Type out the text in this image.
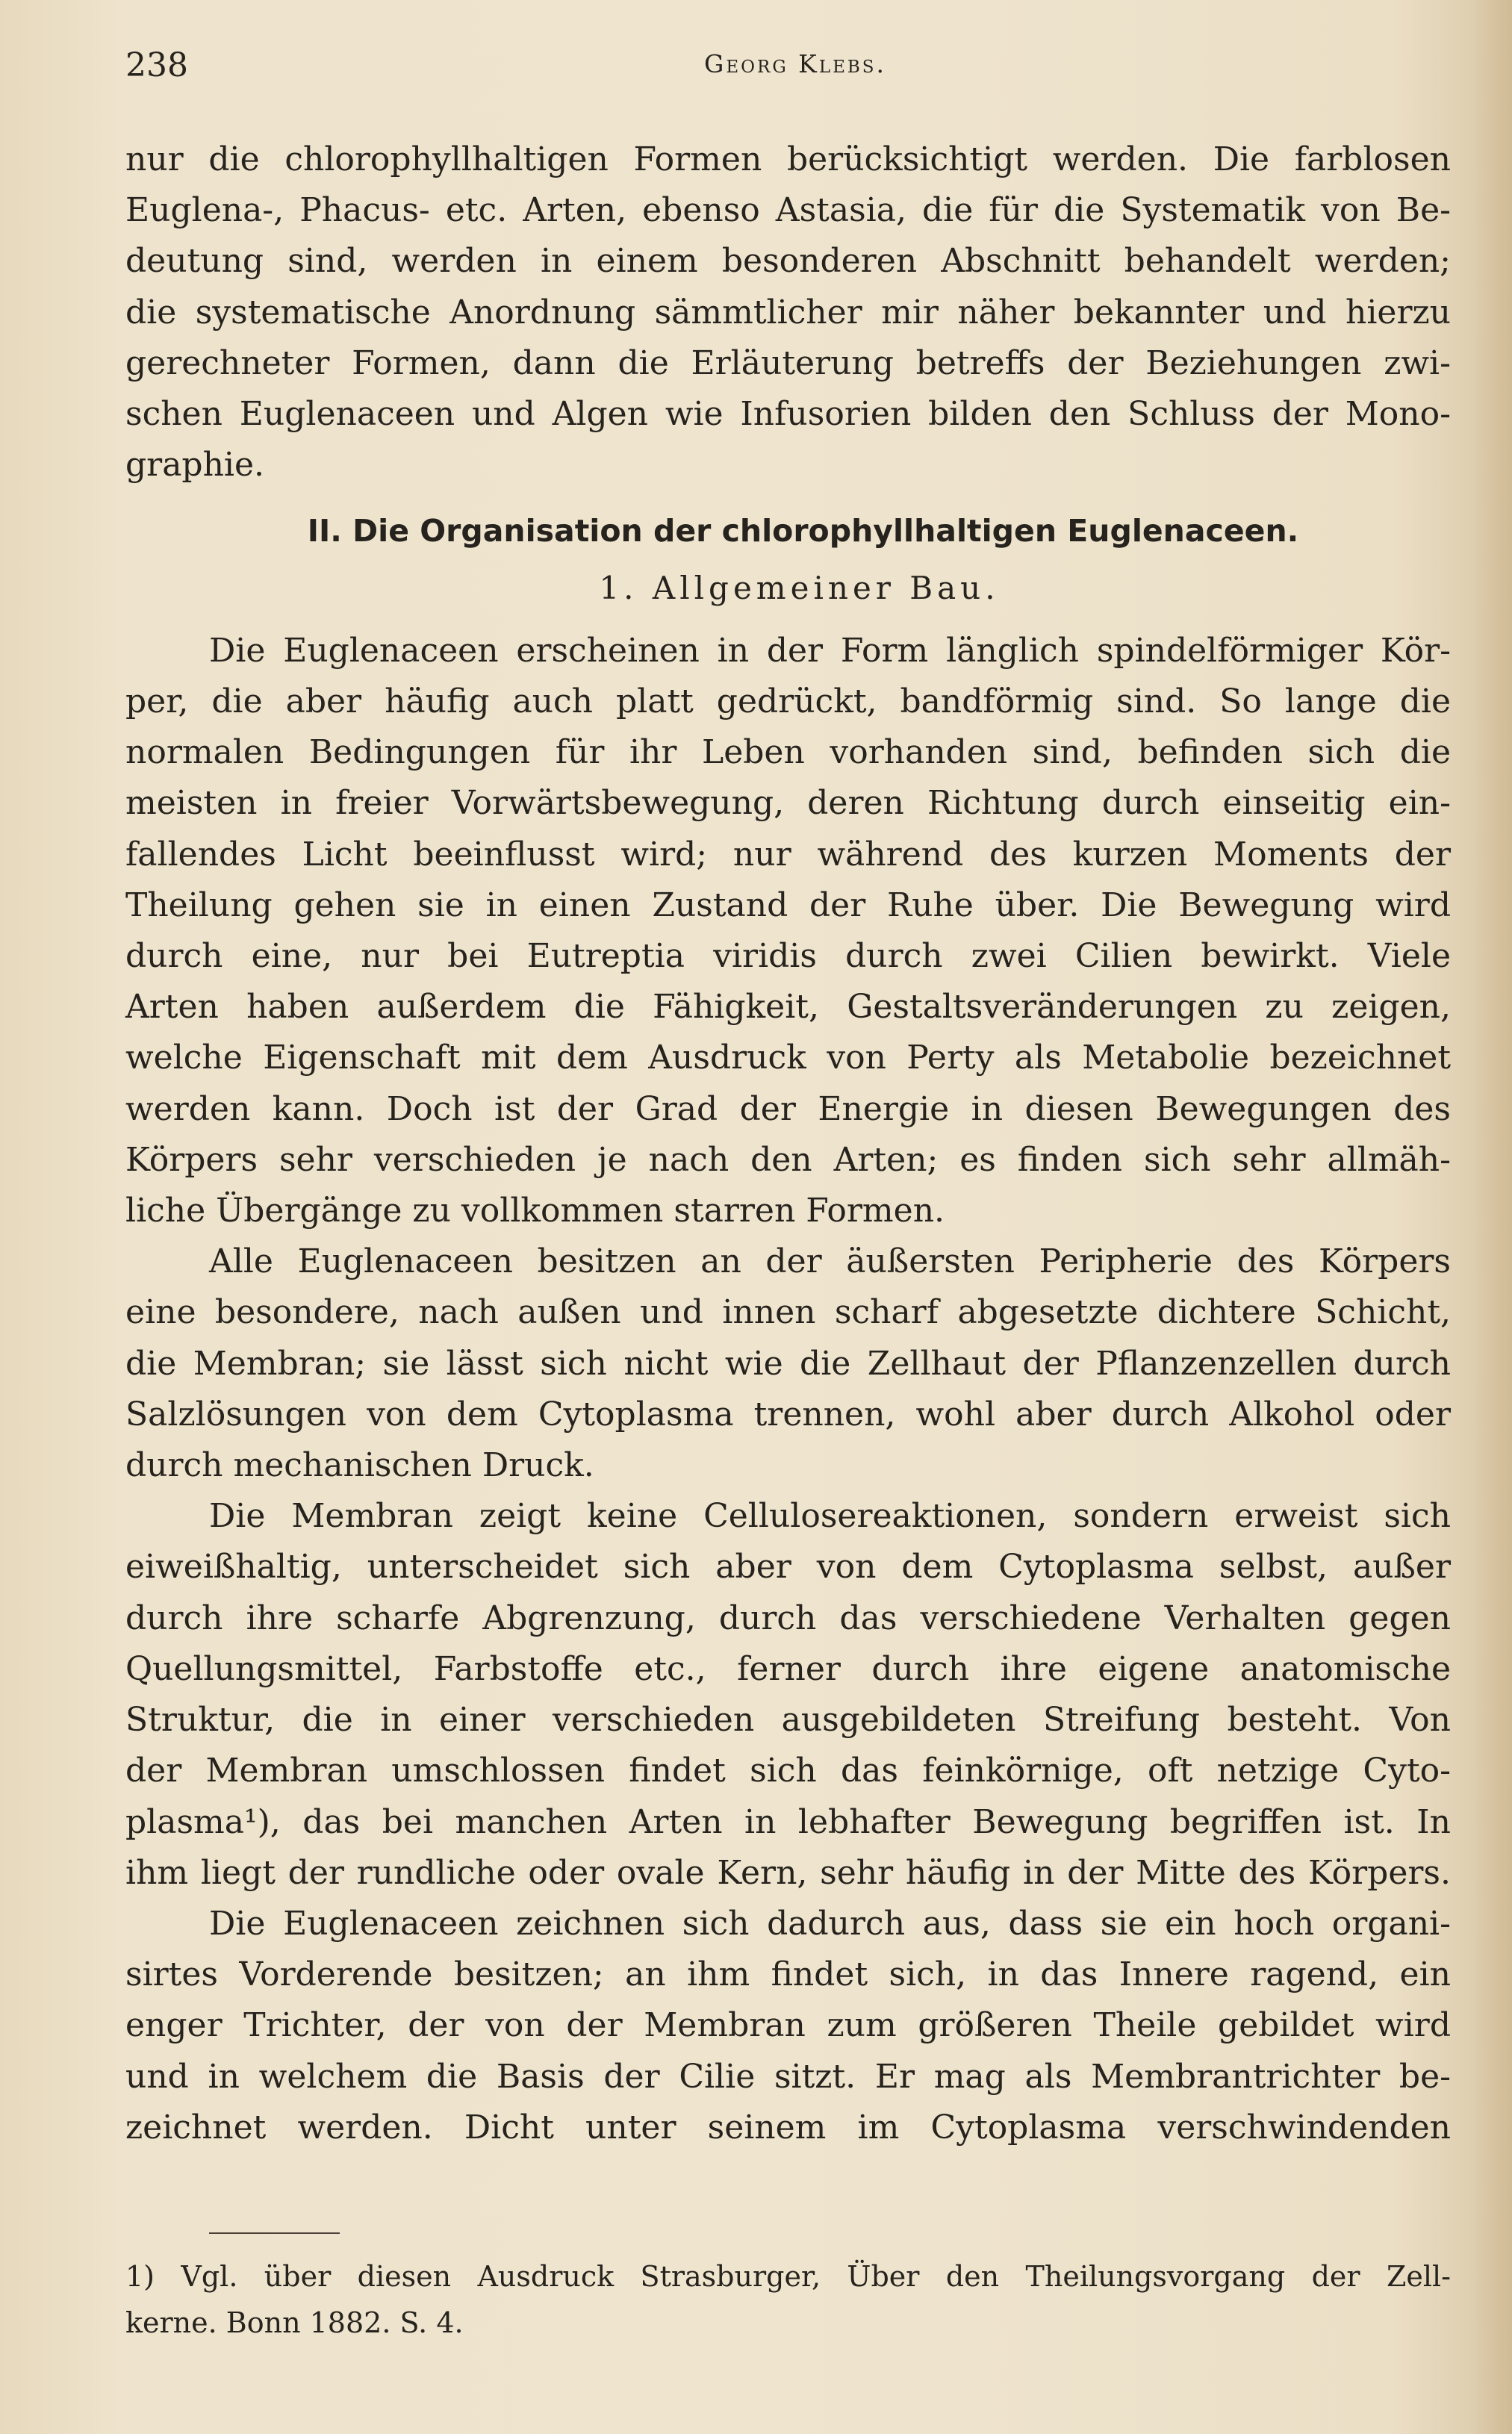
238	Georg Klebs.
nur die chlorophyllhaltigen Formen berücksichtigt werden. Die farblosen
Euglena-, Phacus- etc. Arten, ebenso Astasia, die für die Systematik von Be-
deutung sind, werden in einem besonderen Abschnitt behandelt werden;
die systematische Anordnung sämmtlicher mir näher bekannter und hierzu
gerechneter Formen, dann die Erläuterung betreffs der Beziehungen zwi-
schen Euglenaceen und Algen wie Infusorien bilden den Schluss der Mono-
graphie.
II. Die Organisation der chlorophyllhaltigen Euglenaceen.
1. Allgemeiner Bau.
Die Euglenaceen erscheinen in der Form länglich spindelförmiger Kör-
per, die aber häufig auch platt gedrückt, bandförmig sind. So lange die
normalen Bedingungen für ihr Leben vorhanden sind, befinden sich die
meisten in freier Vorwärtsbewegung, deren Richtung durch einseitig ein-
fallendes Licht beeinflusst wird; nur während des kurzen Moments der
Theilung gehen sie in einen Zustand der Ruhe über. Die Bewegung wird
durch eine, nur bei Eutreptia viridis durch zwei Cilien bewirkt. Viele
Arten haben außerdem die Fähigkeit, Gestaltsveränderungen zu zeigen,
welche Eigenschaft mit dem Ausdruck von Perty als Metabolie bezeichnet
werden kann. Doch ist der Grad der Energie in diesen Bewegungen des
Körpers sehr verschieden je nach den Arten; es finden sich sehr allmäh-
liche Übergänge zu vollkommen starren Formen.
Alle Euglenaceen besitzen an der äußersten Peripherie des Körpers
eine besondere, nach außen und innen scharf abgesetzte dichtere Schicht,
die Membran; sie lässt sich nicht wie die Zellhaut der Pflanzenzellen durch
Salzlösungen von dem Cytoplasma trennen, wohl aber durch Alkohol oder
durch mechanischen Druck.
Die Membran zeigt keine Cellulosereaktionen, sondern erweist sich
eiweißhaltig, unterscheidet sich aber von dem Cytoplasma selbst, außer
durch ihre scharfe Abgrenzung, durch das verschiedene Verhalten gegen
Quellungsmittel, Farbstoffe etc., ferner durch ihre eigene anatomische
Struktur, die in einer verschieden ausgebildeten Streifung besteht. Von
der Membran umschlossen findet sich das feinkörnige, oft netzige Cyto-
plasma¹), das bei manchen Arten in lebhafter Bewegung begriffen ist. In
ihm liegt der rundliche oder ovale Kern, sehr häufig in der Mitte des Körpers.
Die Euglenaceen zeichnen sich dadurch aus, dass sie ein hoch organi-
sirtes Vorderende besitzen; an ihm findet sich, in das Innere ragend, ein
enger Trichter, der von der Membran zum größeren Theile gebildet wird
und in welchem die Basis der Cilie sitzt. Er mag als Membrantrichter be-
zeichnet werden. Dicht unter seinem im Cytoplasma verschwindenden
1) Vgl. über diesen Ausdruck Strasburger, Über den Theilungsvorgang der Zell-
kerne. Bonn 1882. S. 4.
